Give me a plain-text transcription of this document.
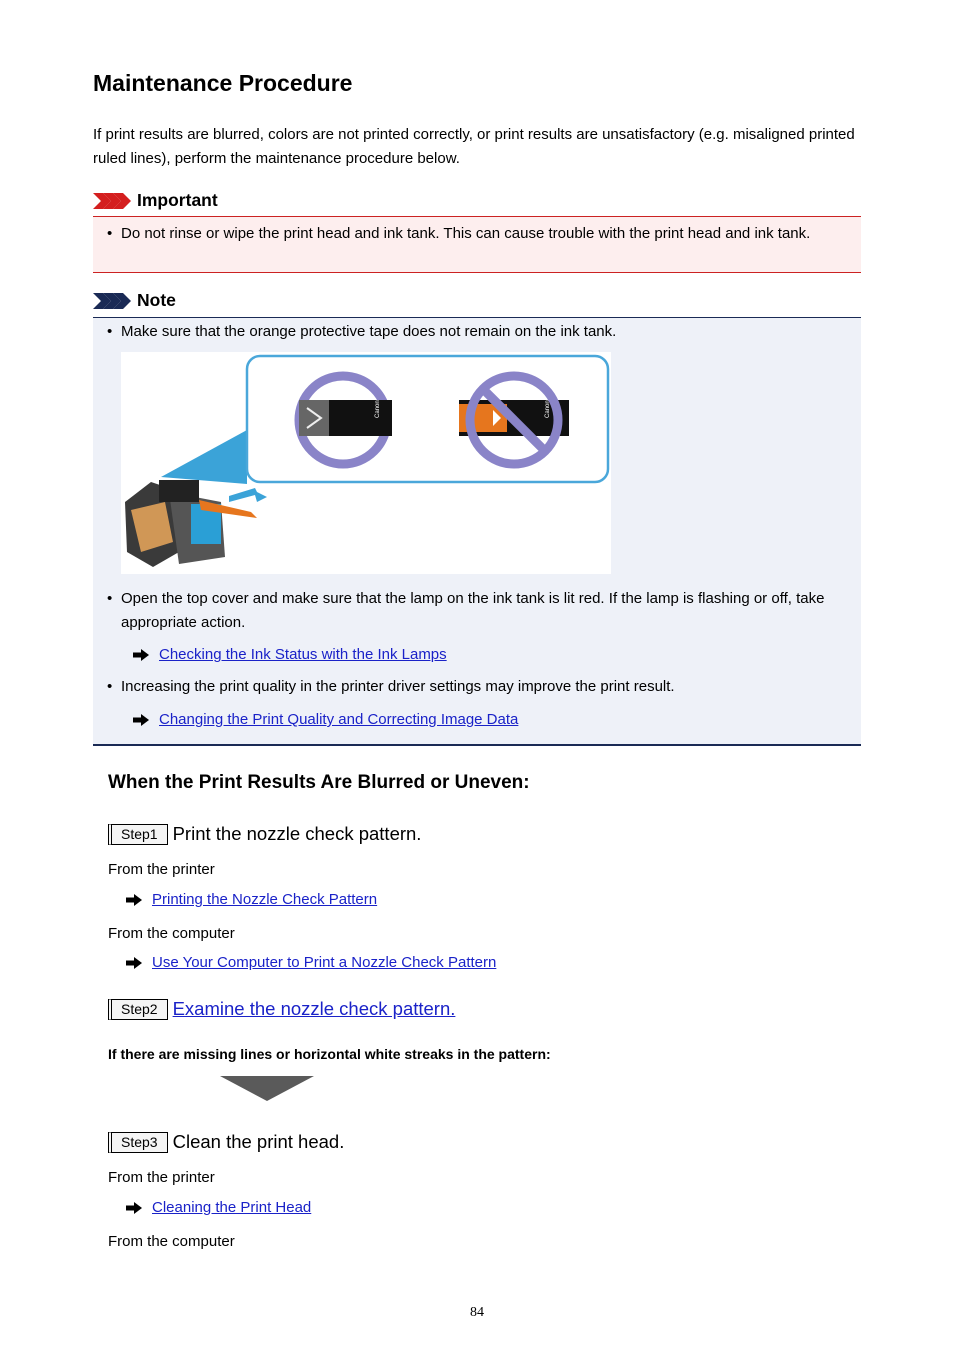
Maintenance Procedure

If print results are blurred, colors are not printed correctly, or print results are unsatisfactory (e.g. misaligned printed ruled lines), perform the maintenance procedure below.

Important

• Do not rinse or wipe the print head and ink tank. This can cause trouble with the print head and ink tank.

Note

• Make sure that the orange protective tape does not remain on the ink tank.

Canon	Canon

• Open the top cover and make sure that the lamp on the ink tank is lit red. If the lamp is flashing or off, take appropriate action.

Checking the Ink Status with the Ink Lamps

• Increasing the print quality in the printer driver settings may improve the print result.

Changing the Print Quality and Correcting Image Data
When the Print Results Are Blurred or Uneven:
Step1 Print the nozzle check pattern.

From the printer

Printing the Nozzle Check Pattern

From the computer

Use Your Computer to Print a Nozzle Check Pattern
Step2 Examine the nozzle check pattern.

If there are missing lines or horizontal white streaks in the pattern:

Step3 Clean the print head.

From the printer

Cleaning the Print Head

From the computer

84
